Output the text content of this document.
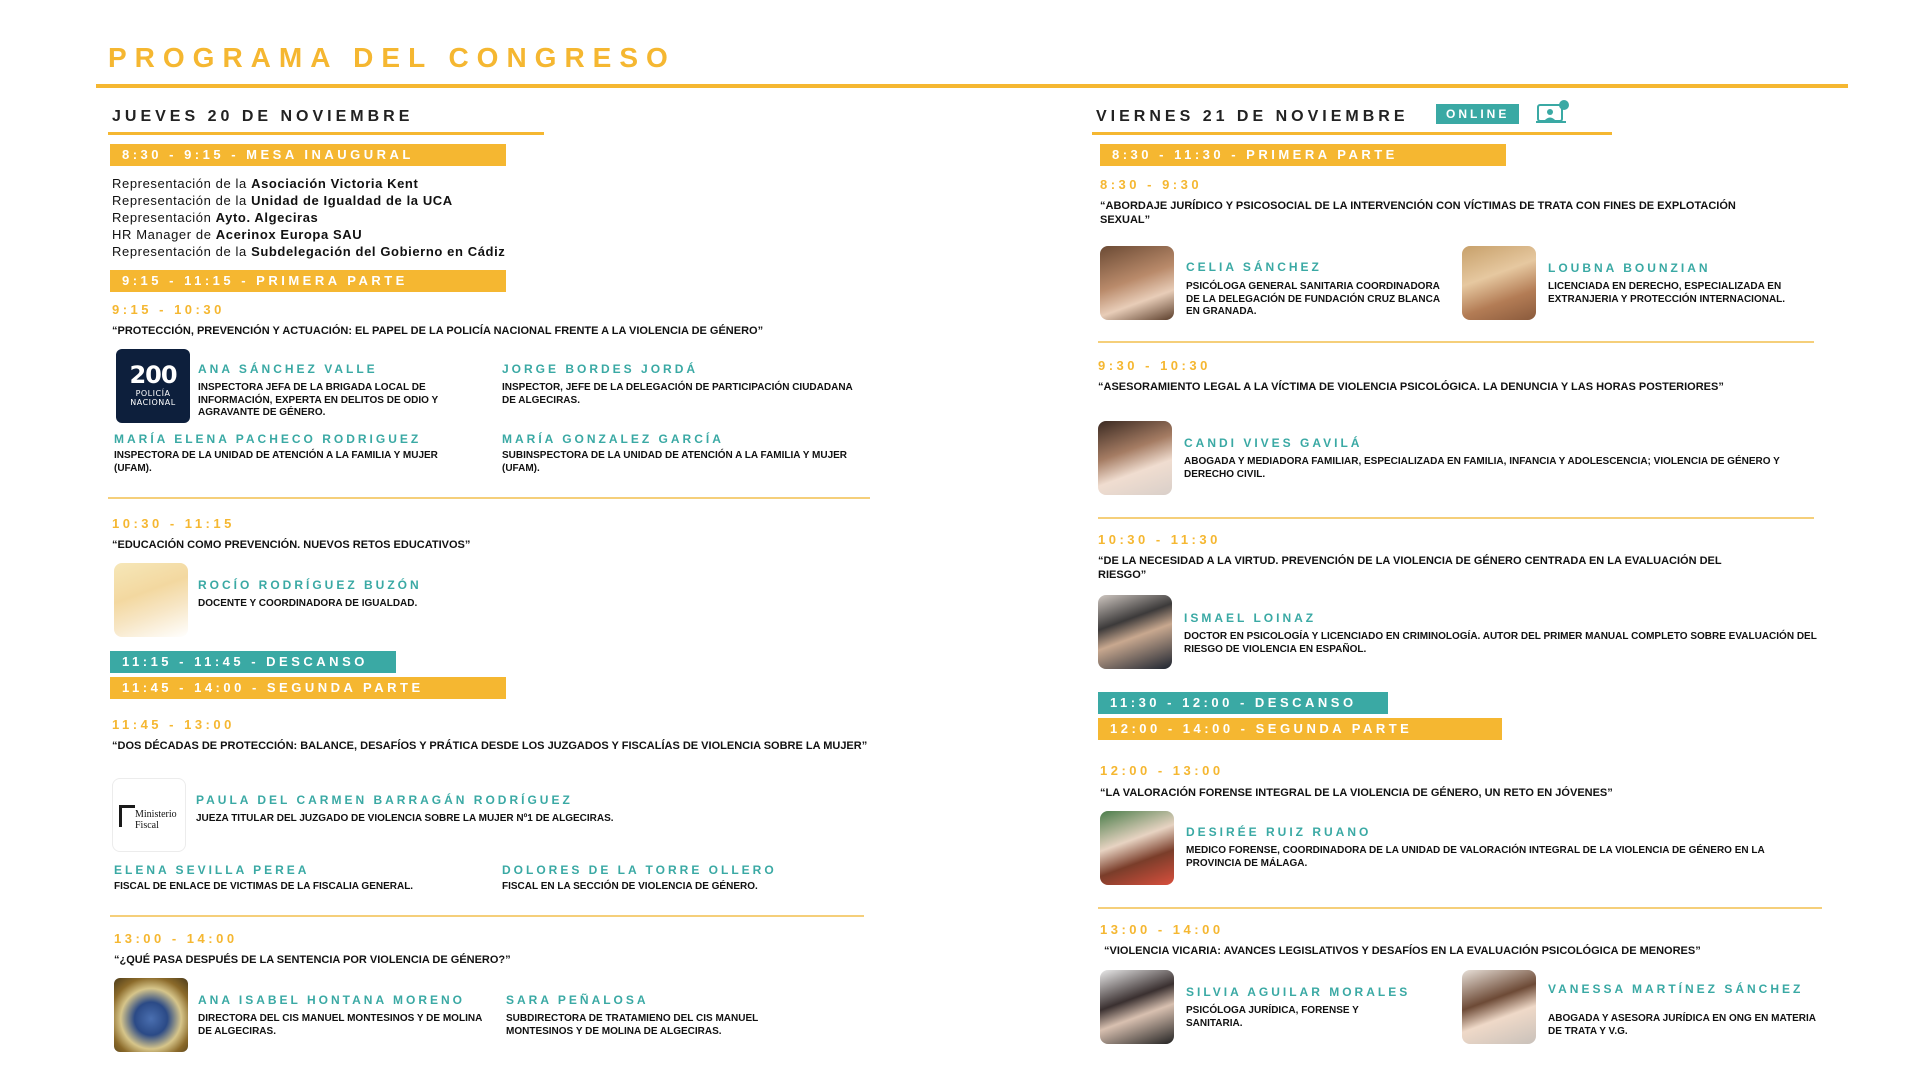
PROGRAMA DEL CONGRESO
JUEVES 20 DE NOVIEMBRE
8:30 - 9:15 - MESA INAUGURAL
Representación de la Asociación Victoria Kent
Representación de la Unidad de Igualdad de la UCA
Representación Ayto. Algeciras
HR Manager de Acerinox Europa SAU
Representación de la Subdelegación del Gobierno en Cádiz
9:15 - 11:15 - PRIMERA PARTE
9:15 - 10:30
“PROTECCIÓN, PREVENCIÓN Y ACTUACIÓN: EL PAPEL DE LA POLICÍA NACIONAL FRENTE A LA VIOLENCIA DE GÉNERO”
200
POLICÍA NACIONAL
ANA SÁNCHEZ VALLE
INSPECTORA JEFA DE LA BRIGADA LOCAL DE INFORMACIÓN, EXPERTA EN DELITOS DE ODIO Y AGRAVANTE DE GÉNERO.
JORGE BORDES JORDÁ
INSPECTOR, JEFE DE LA DELEGACIÓN DE PARTICIPACIÓN CIUDADANA DE ALGECIRAS.
MARÍA ELENA PACHECO RODRIGUEZ
INSPECTORA DE LA UNIDAD DE ATENCIÓN A LA FAMILIA Y MUJER (UFAM).
MARÍA GONZALEZ GARCÍA
SUBINSPECTORA DE LA UNIDAD DE ATENCIÓN A LA FAMILIA Y MUJER (UFAM).
10:30 - 11:15
“EDUCACIÓN COMO PREVENCIÓN. NUEVOS RETOS EDUCATIVOS”
ROCÍO RODRÍGUEZ BUZÓN
DOCENTE Y COORDINADORA DE IGUALDAD.
11:15 - 11:45 - DESCANSO
11:45 - 14:00 - SEGUNDA PARTE
11:45 - 13:00
“DOS DÉCADAS DE PROTECCIÓN: BALANCE, DESAFÍOS Y PRÁTICA DESDE LOS JUZGADOS Y FISCALÍAS DE VIOLENCIA SOBRE LA MUJER”
Ministerio
Fiscal
PAULA DEL CARMEN BARRAGÁN RODRÍGUEZ
JUEZA TITULAR DEL JUZGADO DE VIOLENCIA SOBRE LA MUJER Nº1 DE ALGECIRAS.
ELENA SEVILLA PEREA
FISCAL DE ENLACE DE VICTIMAS DE LA FISCALIA GENERAL.
DOLORES DE LA TORRE OLLERO
FISCAL EN LA SECCIÓN DE VIOLENCIA DE GÉNERO.
13:00 - 14:00
“¿QUÉ PASA DESPUÉS DE LA SENTENCIA POR VIOLENCIA DE GÉNERO?”
ANA ISABEL HONTANA MORENO
DIRECTORA DEL CIS MANUEL MONTESINOS Y DE MOLINA DE ALGECIRAS.
SARA PEÑALOSA
SUBDIRECTORA DE TRATAMIENO DEL CIS MANUEL MONTESINOS Y DE MOLINA DE ALGECIRAS.
VIERNES 21 DE NOVIEMBRE	ONLINE
8:30 - 11:30 - PRIMERA PARTE
8:30 - 9:30
“ABORDAJE JURÍDICO Y PSICOSOCIAL DE LA INTERVENCIÓN CON VÍCTIMAS DE TRATA CON FINES DE EXPLOTACIÓN SEXUAL”
CELIA SÁNCHEZ
PSICÓLOGA GENERAL SANITARIA COORDINADORA DE LA DELEGACIÓN DE FUNDACIÓN CRUZ BLANCA EN GRANADA.
LOUBNA BOUNZIAN
LICENCIADA EN DERECHO, ESPECIALIZADA EN EXTRANJERIA Y PROTECCIÓN INTERNACIONAL.
9:30 - 10:30
“ASESORAMIENTO LEGAL A LA VÍCTIMA DE VIOLENCIA PSICOLÓGICA. LA DENUNCIA Y LAS HORAS POSTERIORES”
CANDI VIVES GAVILÁ
ABOGADA Y MEDIADORA FAMILIAR, ESPECIALIZADA EN FAMILIA, INFANCIA Y ADOLESCENCIA; VIOLENCIA DE GÉNERO Y DERECHO CIVIL.
10:30 - 11:30
“DE LA NECESIDAD A LA VIRTUD. PREVENCIÓN DE LA VIOLENCIA DE GÉNERO CENTRADA EN LA EVALUACIÓN DEL RIESGO”
ISMAEL LOINAZ
DOCTOR EN PSICOLOGÍA Y LICENCIADO EN CRIMINOLOGÍA. AUTOR DEL PRIMER MANUAL COMPLETO SOBRE EVALUACIÓN DEL RIESGO DE VIOLENCIA EN ESPAÑOL.
11:30 - 12:00 - DESCANSO
12:00 - 14:00 - SEGUNDA PARTE
12:00 - 13:00
“LA VALORACIÓN FORENSE INTEGRAL DE LA VIOLENCIA DE GÉNERO, UN RETO EN JÓVENES”
DESIRÉE RUIZ RUANO
MEDICO FORENSE, COORDINADORA DE LA UNIDAD DE VALORACIÓN INTEGRAL DE LA VIOLENCIA DE GÉNERO EN LA PROVINCIA DE MÁLAGA.
13:00 - 14:00
“VIOLENCIA VICARIA: AVANCES LEGISLATIVOS Y DESAFÍOS EN LA EVALUACIÓN PSICOLÓGICA DE MENORES”
SILVIA AGUILAR MORALES
PSICÓLOGA JURÍDICA, FORENSE Y SANITARIA.
VANESSA MARTÍNEZ SÁNCHEZ
ABOGADA Y ASESORA JURÍDICA EN ONG EN MATERIA DE TRATA Y V.G.
